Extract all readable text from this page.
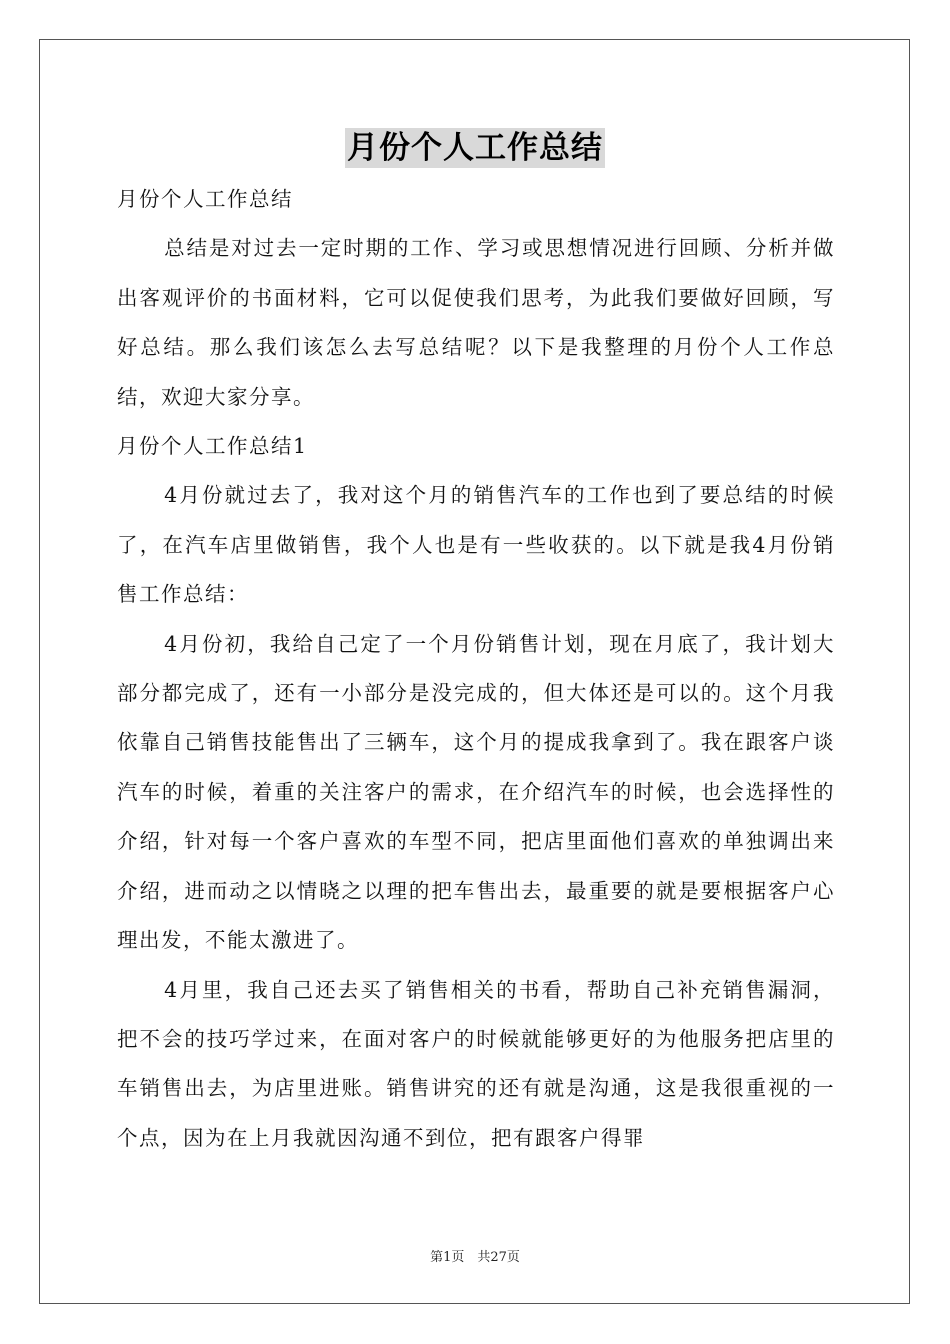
月份个人工作总结

月份个人工作总结

总结是对过去一定时期的工作、学习或思想情况进行回顾、分析并做出客观评价的书面材料，它可以促使我们思考，为此我们要做好回顾，写好总结。那么我们该怎么去写总结呢？以下是我整理的月份个人工作总结，欢迎大家分享。

月份个人工作总结1

4月份就过去了，我对这个月的销售汽车的工作也到了要总结的时候了，在汽车店里做销售，我个人也是有一些收获的。以下就是我4月份销售工作总结：

4月份初，我给自己定了一个月份销售计划，现在月底了，我计划大部分都完成了，还有一小部分是没完成的，但大体还是可以的。这个月我依靠自己销售技能售出了三辆车，这个月的提成我拿到了。我在跟客户谈汽车的时候，着重的关注客户的需求，在介绍汽车的时候，也会选择性的介绍，针对每一个客户喜欢的车型不同，把店里面他们喜欢的单独调出来介绍，进而动之以情晓之以理的把车售出去，最重要的就是要根据客户心理出发，不能太激进了。

4月里，我自己还去买了销售相关的书看，帮助自己补充销售漏洞，把不会的技巧学过来，在面对客户的时候就能够更好的为他服务把店里的车销售出去，为店里进账。销售讲究的还有就是沟通，这是我很重视的一个点，因为在上月我就因沟通不到位，把有跟客户得罪

第1页　共27页
